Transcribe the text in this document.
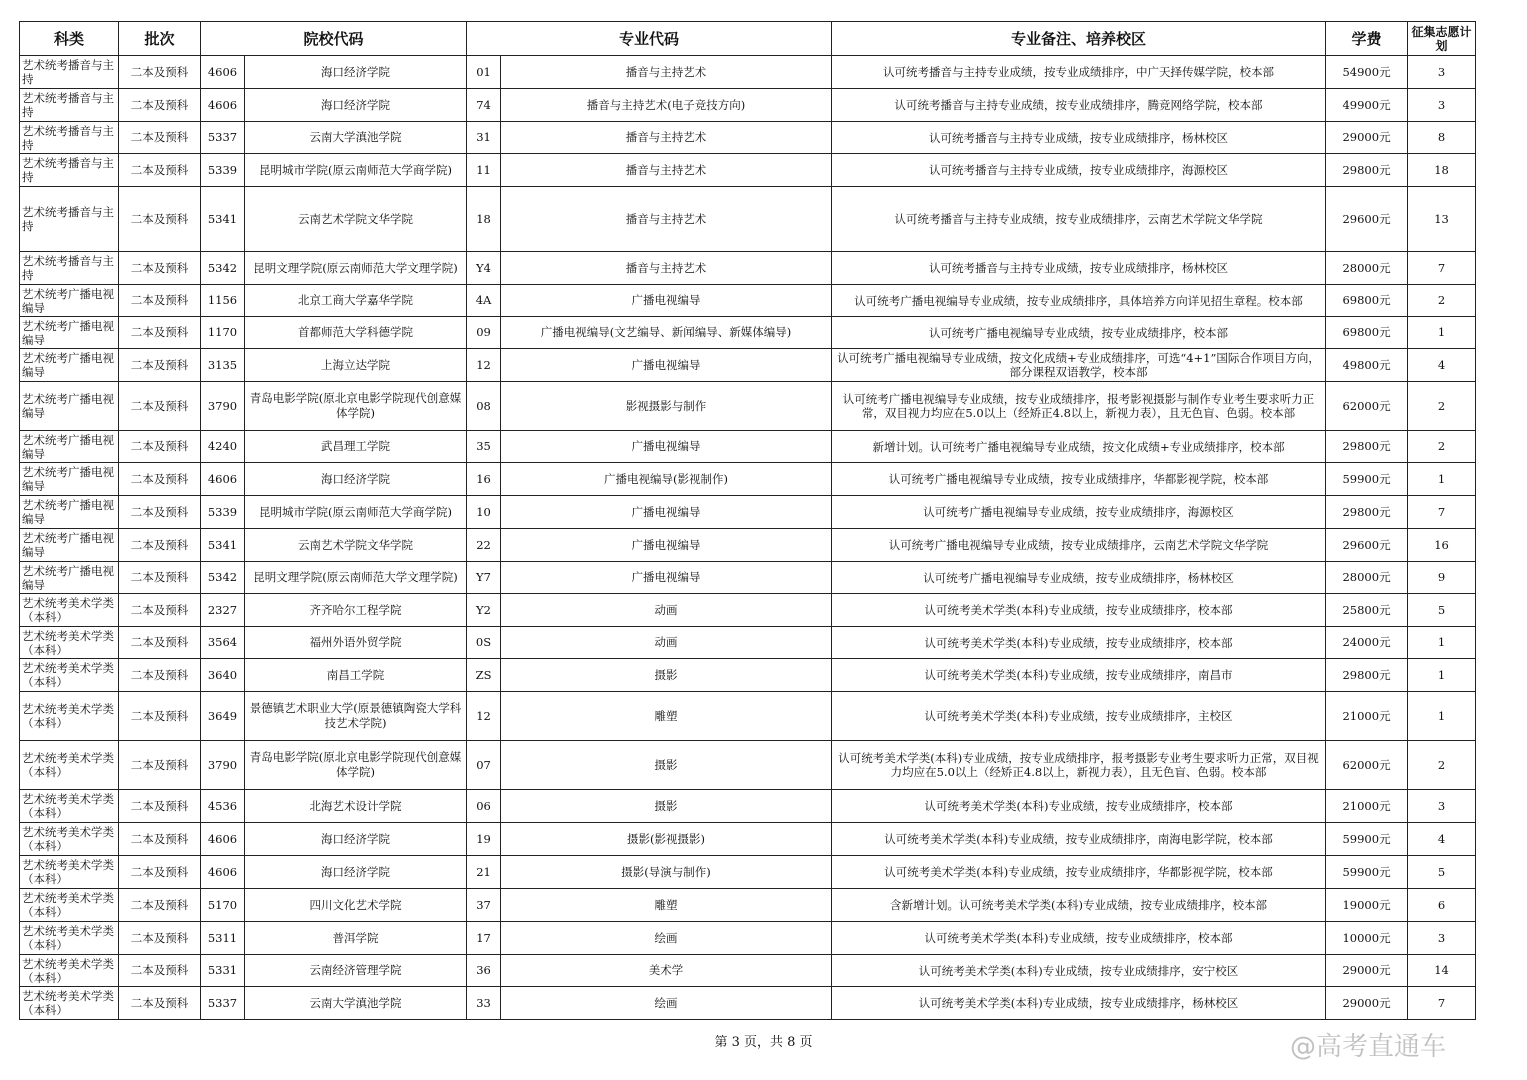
科类	批次	院校代码		专业代码		专业备注、培养校区	学费	征集志愿计划
艺术统考播音与主持	二本及预科	4606	海口经济学院	01	播音与主持艺术	认可统考播音与主持专业成绩，按专业成绩排序，中广天择传媒学院，校本部	54900元	3
艺术统考播音与主持	二本及预科	4606	海口经济学院	74	播音与主持艺术(电子竞技方向)	认可统考播音与主持专业成绩，按专业成绩排序，腾竞网络学院，校本部	49900元	3
艺术统考播音与主持	二本及预科	5337	云南大学滇池学院	31	播音与主持艺术	认可统考播音与主持专业成绩，按专业成绩排序，杨林校区	29000元	8
艺术统考播音与主持	二本及预科	5339	昆明城市学院(原云南师范大学商学院)	11	播音与主持艺术	认可统考播音与主持专业成绩，按专业成绩排序，海源校区	29800元	18
艺术统考播音与主持	二本及预科	5341	云南艺术学院文华学院	18	播音与主持艺术	认可统考播音与主持专业成绩，按专业成绩排序，云南艺术学院文华学院	29600元	13
艺术统考播音与主持	二本及预科	5342	昆明文理学院(原云南师范大学文理学院)	Y4	播音与主持艺术	认可统考播音与主持专业成绩，按专业成绩排序，杨林校区	28000元	7
艺术统考广播电视编导	二本及预科	1156	北京工商大学嘉华学院	4A	广播电视编导	认可统考广播电视编导专业成绩，按专业成绩排序，具体培养方向详见招生章程。校本部	69800元	2
艺术统考广播电视编导	二本及预科	1170	首都师范大学科德学院	09	广播电视编导(文艺编导、新闻编导、新媒体编导)	认可统考广播电视编导专业成绩，按专业成绩排序，校本部	69800元	1
艺术统考广播电视编导	二本及预科	3135	上海立达学院	12	广播电视编导	认可统考广播电视编导专业成绩，按文化成绩+专业成绩排序，可选“4+1”国际合作项目方向，部分课程双语教学，校本部	49800元	4
艺术统考广播电视编导	二本及预科	3790	青岛电影学院(原北京电影学院现代创意媒体学院)	08	影视摄影与制作	认可统考广播电视编导专业成绩，按专业成绩排序，报考影视摄影与制作专业考生要求听力正常，双目视力均应在5.0以上（经矫正4.8以上，新视力表），且无色盲、色弱。校本部	62000元	2
艺术统考广播电视编导	二本及预科	4240	武昌理工学院	35	广播电视编导	新增计划。认可统考广播电视编导专业成绩，按文化成绩+专业成绩排序，校本部	29800元	2
艺术统考广播电视编导	二本及预科	4606	海口经济学院	16	广播电视编导(影视制作)	认可统考广播电视编导专业成绩，按专业成绩排序，华都影视学院，校本部	59900元	1
艺术统考广播电视编导	二本及预科	5339	昆明城市学院(原云南师范大学商学院)	10	广播电视编导	认可统考广播电视编导专业成绩，按专业成绩排序，海源校区	29800元	7
艺术统考广播电视编导	二本及预科	5341	云南艺术学院文华学院	22	广播电视编导	认可统考广播电视编导专业成绩，按专业成绩排序，云南艺术学院文华学院	29600元	16
艺术统考广播电视编导	二本及预科	5342	昆明文理学院(原云南师范大学文理学院)	Y7	广播电视编导	认可统考广播电视编导专业成绩，按专业成绩排序，杨林校区	28000元	9
艺术统考美术学类（本科）	二本及预科	2327	齐齐哈尔工程学院	Y2	动画	认可统考美术学类(本科)专业成绩，按专业成绩排序，校本部	25800元	5
艺术统考美术学类（本科）	二本及预科	3564	福州外语外贸学院	0S	动画	认可统考美术学类(本科)专业成绩，按专业成绩排序，校本部	24000元	1
艺术统考美术学类（本科）	二本及预科	3640	南昌工学院	ZS	摄影	认可统考美术学类(本科)专业成绩，按专业成绩排序，南昌市	29800元	1
艺术统考美术学类（本科）	二本及预科	3649	景德镇艺术职业大学(原景德镇陶瓷大学科技艺术学院)	12	雕塑	认可统考美术学类(本科)专业成绩，按专业成绩排序，主校区	21000元	1
艺术统考美术学类（本科）	二本及预科	3790	青岛电影学院(原北京电影学院现代创意媒体学院)	07	摄影	认可统考美术学类(本科)专业成绩，按专业成绩排序，报考摄影专业考生要求听力正常，双目视力均应在5.0以上（经矫正4.8以上，新视力表），且无色盲、色弱。校本部	62000元	2
艺术统考美术学类（本科）	二本及预科	4536	北海艺术设计学院	06	摄影	认可统考美术学类(本科)专业成绩，按专业成绩排序，校本部	21000元	3
艺术统考美术学类（本科）	二本及预科	4606	海口经济学院	19	摄影(影视摄影)	认可统考美术学类(本科)专业成绩，按专业成绩排序，南海电影学院，校本部	59900元	4
艺术统考美术学类（本科）	二本及预科	4606	海口经济学院	21	摄影(导演与制作)	认可统考美术学类(本科)专业成绩，按专业成绩排序，华都影视学院，校本部	59900元	5
艺术统考美术学类（本科）	二本及预科	5170	四川文化艺术学院	37	雕塑	含新增计划。认可统考美术学类(本科)专业成绩，按专业成绩排序，校本部	19000元	6
艺术统考美术学类（本科）	二本及预科	5311	普洱学院	17	绘画	认可统考美术学类(本科)专业成绩，按专业成绩排序，校本部	10000元	3
艺术统考美术学类（本科）	二本及预科	5331	云南经济管理学院	36	美术学	认可统考美术学类(本科)专业成绩，按专业成绩排序，安宁校区	29000元	14
艺术统考美术学类（本科）	二本及预科	5337	云南大学滇池学院	33	绘画	认可统考美术学类(本科)专业成绩，按专业成绩排序，杨林校区	29000元	7
第 3 页，共 8 页	@高考直通车
